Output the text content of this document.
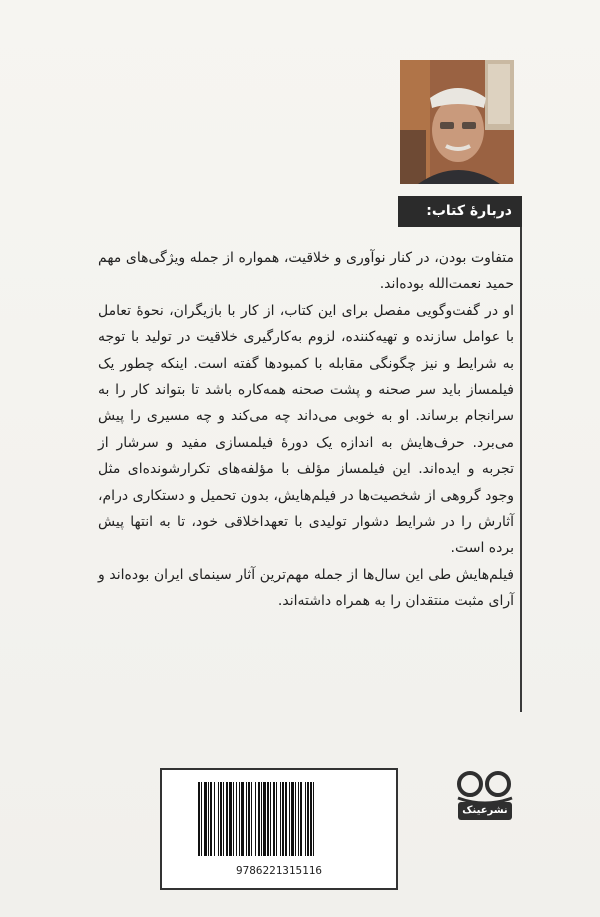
دربارهٔ کتاب:

متفاوت بودن، در کنار نوآوری و خلاقیت، همواره از جمله ویژگی‌های مهم حمید نعمت‌الله بوده‌اند.

او در گفت‌وگویی مفصل برای این کتاب، از کار با بازیگران، نحوهٔ تعامل با عوامل سازنده و تهیه‌کننده، لزوم به‌کارگیری خلاقیت در تولید با توجه به شرایط و نیز چگونگی مقابله با کمبودها گفته است. اینکه چطور یک فیلمساز باید سر صحنه و پشت صحنه همه‌کاره باشد تا بتواند کار را به سرانجام برساند. او به خوبی می‌داند چه می‌کند و چه مسیری را پیش می‌برد. حرف‌هایش به اندازه یک دورهٔ فیلمسازی مفید و سرشار از تجربه و ایده‌اند. این فیلمساز مؤلف با مؤلفه‌های تکرارشونده‌ای مثل وجود گروهی از شخصیت‌ها در فیلم‌هایش، بدون تحمیل و دستکاری درام، آثارش را در شرایط دشوار تولیدی با تعهداخلاقی خود، تا به انتها پیش برده است.

فیلم‌هایش طی این سال‌ها از جمله مهم‌ترین آثار سینمای ایران بوده‌اند و آرای مثبت منتقدان را به همراه داشته‌اند.

9786221315116
نشرعینک
